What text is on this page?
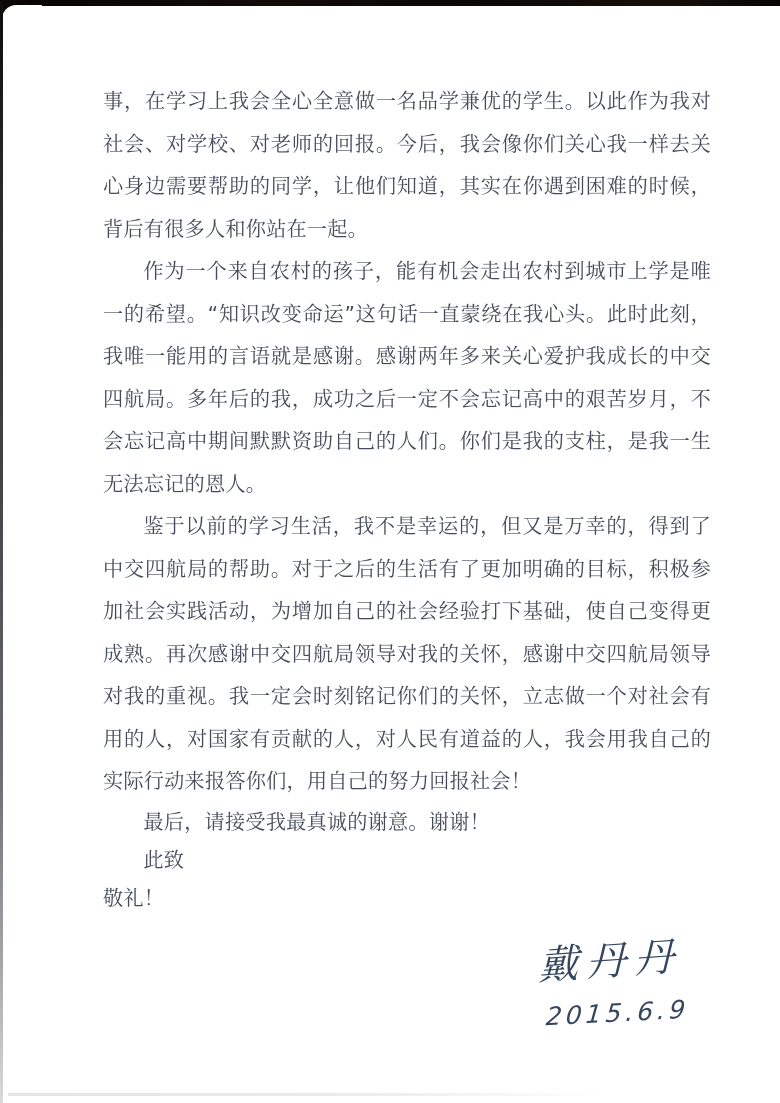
事，在学习上我会全心全意做一名品学兼优的学生。以此作为我对社会、对学校、对老师的回报。今后，我会像你们关心我一样去关心身边需要帮助的同学，让他们知道，其实在你遇到困难的时候，背后有很多人和你站在一起。

作为一个来自农村的孩子，能有机会走出农村到城市上学是唯一的希望。“知识改变命运”这句话一直蒙绕在我心头。此时此刻，我唯一能用的言语就是感谢。感谢两年多来关心爱护我成长的中交四航局。多年后的我，成功之后一定不会忘记高中的艰苦岁月，不会忘记高中期间默默资助自己的人们。你们是我的支柱，是我一生无法忘记的恩人。

鉴于以前的学习生活，我不是幸运的，但又是万幸的，得到了中交四航局的帮助。对于之后的生活有了更加明确的目标，积极参加社会实践活动，为增加自己的社会经验打下基础，使自己变得更成熟。再次感谢中交四航局领导对我的关怀，感谢中交四航局领导对我的重视。我一定会时刻铭记你们的关怀，立志做一个对社会有用的人，对国家有贡献的人，对人民有道益的人，我会用我自己的实际行动来报答你们，用自己的努力回报社会！

最后，请接受我最真诚的谢意。谢谢！

此致

敬礼！

戴丹丹
2015.6.9
